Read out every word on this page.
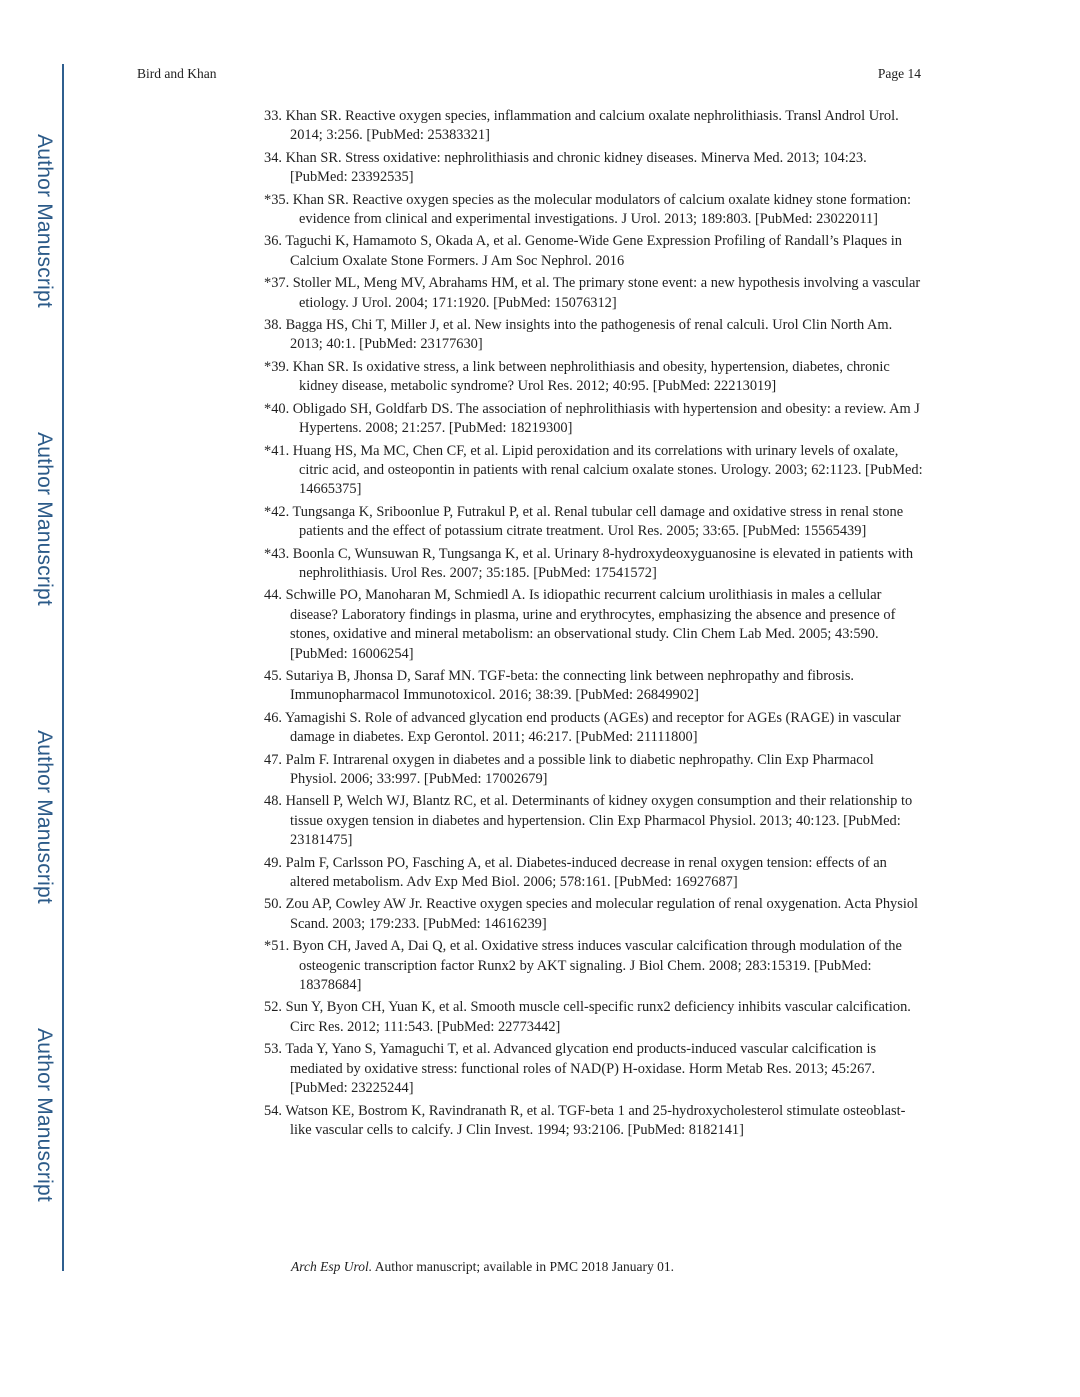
Author Manuscript
Author Manuscript
Author Manuscript
Author Manuscript
Bird and Khan	Page 14
33. Khan SR. Reactive oxygen species, inflammation and calcium oxalate nephrolithiasis. Transl Androl Urol. 2014; 3:256. [PubMed: 25383321]
34. Khan SR. Stress oxidative: nephrolithiasis and chronic kidney diseases. Minerva Med. 2013; 104:23. [PubMed: 23392535]
*35. Khan SR. Reactive oxygen species as the molecular modulators of calcium oxalate kidney stone formation: evidence from clinical and experimental investigations. J Urol. 2013; 189:803. [PubMed: 23022011]
36. Taguchi K, Hamamoto S, Okada A, et al. Genome-Wide Gene Expression Profiling of Randall’s Plaques in Calcium Oxalate Stone Formers. J Am Soc Nephrol. 2016
*37. Stoller ML, Meng MV, Abrahams HM, et al. The primary stone event: a new hypothesis involving a vascular etiology. J Urol. 2004; 171:1920. [PubMed: 15076312]
38. Bagga HS, Chi T, Miller J, et al. New insights into the pathogenesis of renal calculi. Urol Clin North Am. 2013; 40:1. [PubMed: 23177630]
*39. Khan SR. Is oxidative stress, a link between nephrolithiasis and obesity, hypertension, diabetes, chronic kidney disease, metabolic syndrome? Urol Res. 2012; 40:95. [PubMed: 22213019]
*40. Obligado SH, Goldfarb DS. The association of nephrolithiasis with hypertension and obesity: a review. Am J Hypertens. 2008; 21:257. [PubMed: 18219300]
*41. Huang HS, Ma MC, Chen CF, et al. Lipid peroxidation and its correlations with urinary levels of oxalate, citric acid, and osteopontin in patients with renal calcium oxalate stones. Urology. 2003; 62:1123. [PubMed: 14665375]
*42. Tungsanga K, Sriboonlue P, Futrakul P, et al. Renal tubular cell damage and oxidative stress in renal stone patients and the effect of potassium citrate treatment. Urol Res. 2005; 33:65. [PubMed: 15565439]
*43. Boonla C, Wunsuwan R, Tungsanga K, et al. Urinary 8-hydroxydeoxyguanosine is elevated in patients with nephrolithiasis. Urol Res. 2007; 35:185. [PubMed: 17541572]
44. Schwille PO, Manoharan M, Schmiedl A. Is idiopathic recurrent calcium urolithiasis in males a cellular disease? Laboratory findings in plasma, urine and erythrocytes, emphasizing the absence and presence of stones, oxidative and mineral metabolism: an observational study. Clin Chem Lab Med. 2005; 43:590. [PubMed: 16006254]
45. Sutariya B, Jhonsa D, Saraf MN. TGF-beta: the connecting link between nephropathy and fibrosis. Immunopharmacol Immunotoxicol. 2016; 38:39. [PubMed: 26849902]
46. Yamagishi S. Role of advanced glycation end products (AGEs) and receptor for AGEs (RAGE) in vascular damage in diabetes. Exp Gerontol. 2011; 46:217. [PubMed: 21111800]
47. Palm F. Intrarenal oxygen in diabetes and a possible link to diabetic nephropathy. Clin Exp Pharmacol Physiol. 2006; 33:997. [PubMed: 17002679]
48. Hansell P, Welch WJ, Blantz RC, et al. Determinants of kidney oxygen consumption and their relationship to tissue oxygen tension in diabetes and hypertension. Clin Exp Pharmacol Physiol. 2013; 40:123. [PubMed: 23181475]
49. Palm F, Carlsson PO, Fasching A, et al. Diabetes-induced decrease in renal oxygen tension: effects of an altered metabolism. Adv Exp Med Biol. 2006; 578:161. [PubMed: 16927687]
50. Zou AP, Cowley AW Jr. Reactive oxygen species and molecular regulation of renal oxygenation. Acta Physiol Scand. 2003; 179:233. [PubMed: 14616239]
*51. Byon CH, Javed A, Dai Q, et al. Oxidative stress induces vascular calcification through modulation of the osteogenic transcription factor Runx2 by AKT signaling. J Biol Chem. 2008; 283:15319. [PubMed: 18378684]
52. Sun Y, Byon CH, Yuan K, et al. Smooth muscle cell-specific runx2 deficiency inhibits vascular calcification. Circ Res. 2012; 111:543. [PubMed: 22773442]
53. Tada Y, Yano S, Yamaguchi T, et al. Advanced glycation end products-induced vascular calcification is mediated by oxidative stress: functional roles of NAD(P) H-oxidase. Horm Metab Res. 2013; 45:267. [PubMed: 23225244]
54. Watson KE, Bostrom K, Ravindranath R, et al. TGF-beta 1 and 25-hydroxycholesterol stimulate osteoblast-like vascular cells to calcify. J Clin Invest. 1994; 93:2106. [PubMed: 8182141]
Arch Esp Urol. Author manuscript; available in PMC 2018 January 01.
